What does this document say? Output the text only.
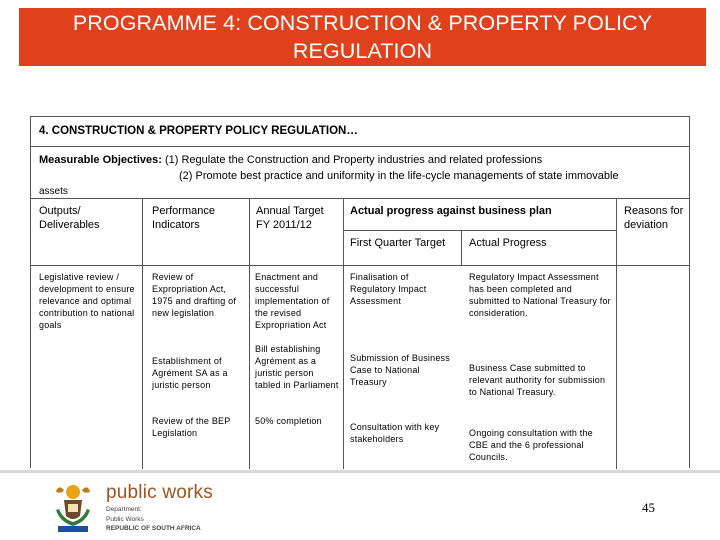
PROGRAMME 4: CONSTRUCTION & PROPERTY POLICY
REGULATION
4. CONSTRUCTION & PROPERTY POLICY REGULATION…
Measurable Objectives: (1) Regulate the Construction and Property industries and related professions
(2) Promote best practice and uniformity in the life-cycle managements of state immovable
assets
Outputs/ Deliverables
Performance Indicators
Annual Target FY 2011/12
Actual progress against business plan
First Quarter Target	Actual Progress
Reasons for deviation
Legislative review / development to ensure relevance and optimal contribution to national goals
Review of Expropriation Act, 1975 and drafting of new legislation
Enactment and successful implementation of the revised Expropriation Act
Finalisation of Regulatory Impact Assessment
Regulatory Impact Assessment has been completed and submitted to National Treasury for consideration.
Establishment of Agrément SA as a juristic person
Bill establishing Agrément as a juristic person tabled in Parliament
Submission of Business Case to National Treasury
Business Case submitted to relevant authority for submission to National Treasury.
Review of the BEP Legislation
50% completion
Consultation with key stakeholders
Ongoing consultation with the CBE and the 6 professional Councils.
public works
Department:
Public Works
REPUBLIC OF SOUTH AFRICA
45
